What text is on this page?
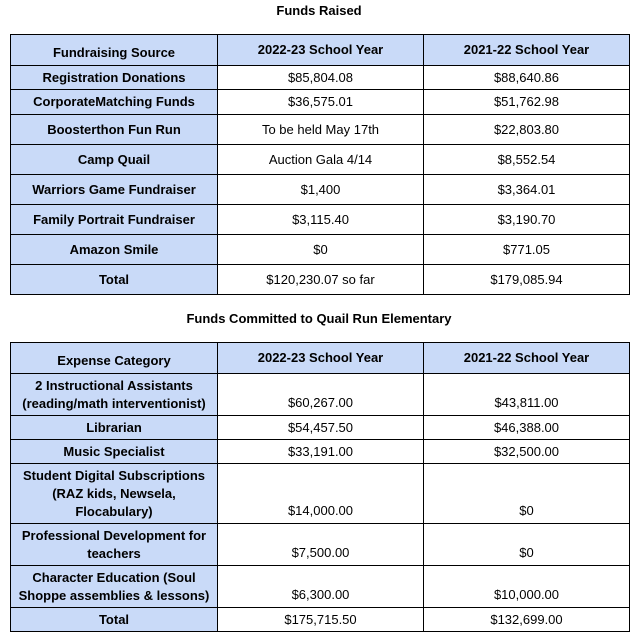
Funds Raised
Fundraising Source	2022-23 School Year	2021-22 School Year
Registration Donations	$85,804.08	$88,640.86
CorporateMatching Funds	$36,575.01	$51,762.98
Boosterthon Fun Run	To be held May 17th	$22,803.80
Camp Quail	Auction Gala 4/14	$8,552.54
Warriors Game Fundraiser	$1,400	$3,364.01
Family Portrait Fundraiser	$3,115.40	$3,190.70
Amazon Smile	$0	$771.05
Total	$120,230.07 so far	$179,085.94
Funds Committed to Quail Run Elementary
Expense Category	2022-23 School Year	2021-22 School Year
2 Instructional Assistants (reading/math interventionist)	$60,267.00	$43,811.00
Librarian	$54,457.50	$46,388.00
Music Specialist	$33,191.00	$32,500.00
Student Digital Subscriptions (RAZ kids, Newsela, Flocabulary)	$14,000.00	$0
Professional Development for teachers	$7,500.00	$0
Character Education (Soul Shoppe assemblies & lessons)	$6,300.00	$10,000.00
Total	$175,715.50	$132,699.00
